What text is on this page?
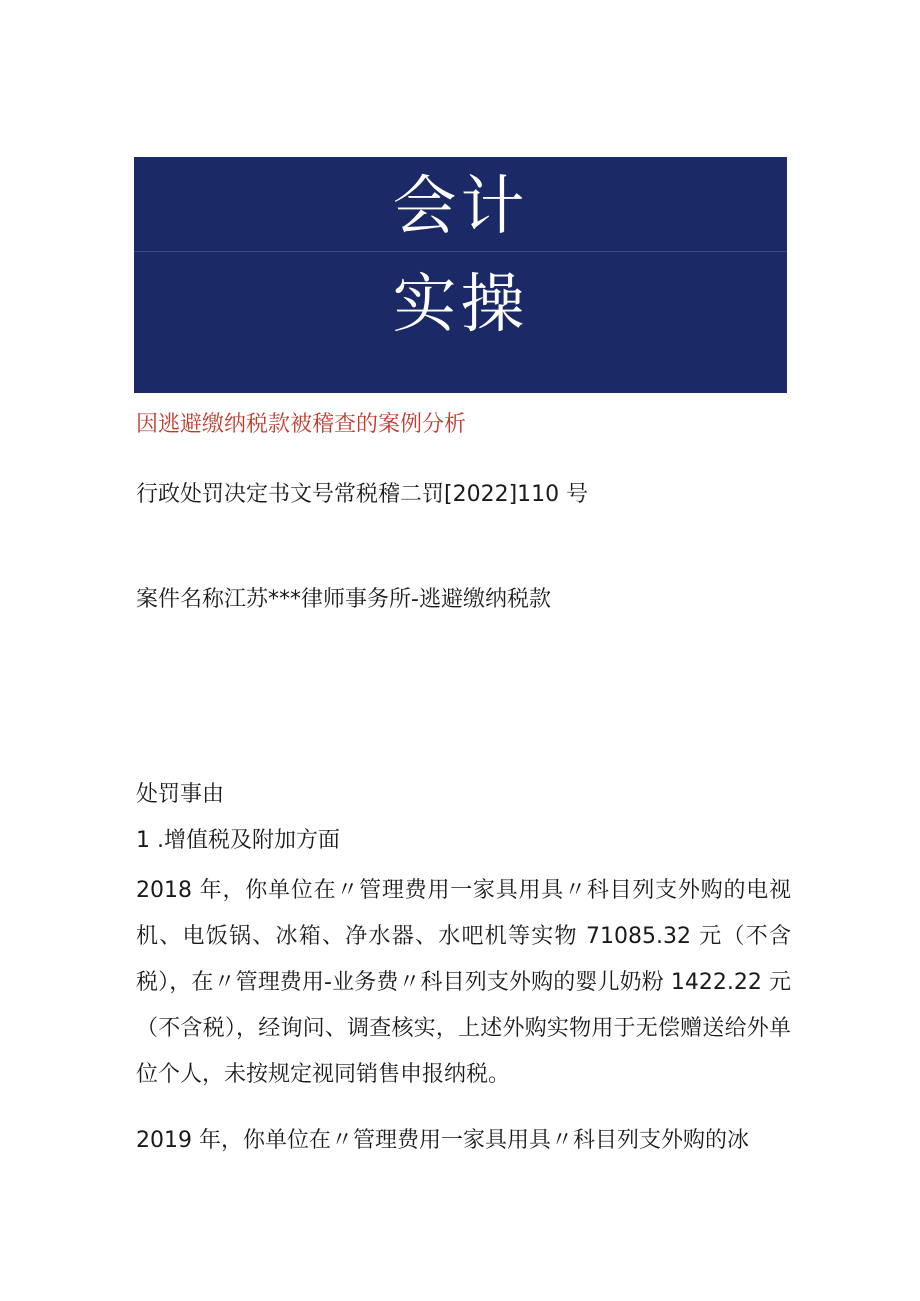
会计
实操
因逃避缴纳税款被稽查的案例分析
行政处罚决定书文号常税稽二罚[2022]110 号
案件名称江苏***律师事务所-逃避缴纳税款
处罚事由
1 .增值税及附加方面
2018 年，你单位在〃管理费用一家具用具〃科目列支外购的电视机、电饭锅、冰箱、净水器、水吧机等实物 71085.32 元（不含税），在〃管理费用-业务费〃科目列支外购的婴儿奶粉 1422.22 元（不含税），经询问、调查核实，上述外购实物用于无偿赠送给外单位个人，未按规定视同销售申报纳税。
2019 年，你单位在〃管理费用一家具用具〃科目列支外购的冰
